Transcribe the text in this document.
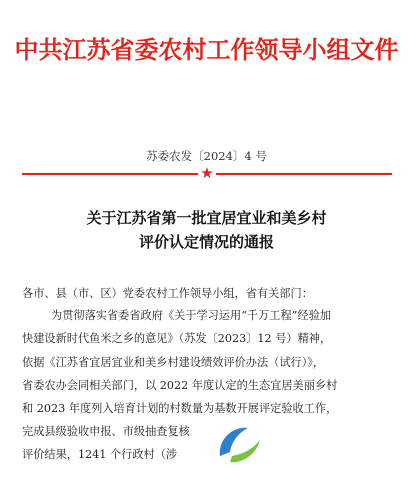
中共江苏省委农村工作领导小组文件
苏委农发〔2024〕4 号
★
关于江苏省第一批宜居宜业和美乡村
评价认定情况的通报
各市、县（市、区）党委农村工作领导小组，省有关部门：
为贯彻落实省委省政府《关于学习运用“千万工程”经验加
快建设新时代鱼米之乡的意见》（苏发〔2023〕12 号）精神，
依据《江苏省宜居宜业和美乡村建设绩效评价办法（试行）》，
省委农办会同相关部门，以 2022 年度认定的生态宜居美丽乡村
和 2023 年度列入培育计划的村数量为基数开展评定验收工作，
完成县级验收申报、市级抽查复核
评价结果，1241 个行政村（涉
